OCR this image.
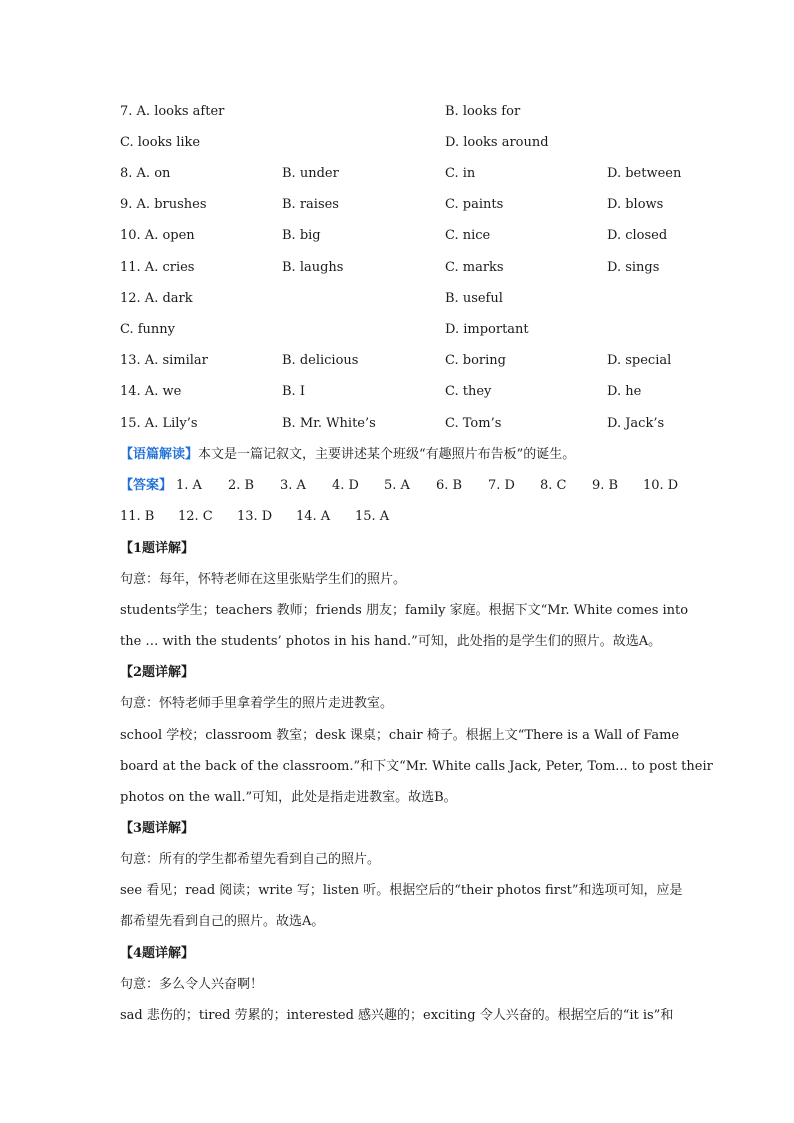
7. A. looks after	B. looks for
C. looks like	D. looks around
8. A. on	B. under	C. in	D. between
9. A. brushes	B. raises	C. paints	D. blows
10. A. open	B. big	C. nice	D. closed
11. A. cries	B. laughs	C. marks	D. sings
12. A. dark	B. useful
C. funny	D. important
13. A. similar	B. delicious	C. boring	D. special
14. A. we	B. I	C. they	D. he
15. A. Lily’s	B. Mr. White’s	C. Tom’s	D. Jack’s
【语篇解读】本文是一篇记叙文，主要讲述某个班级“有趣照片布告板”的诞生。
【答案】 1. A 2. B 3. A 4. D 5. A 6. B 7. D 8. C 9. B 10. D
11. B 12. C 13. D 14. A 15. A
【1题详解】
句意：每年，怀特老师在这里张贴学生们的照片。
students学生；teachers 教师；friends 朋友；family 家庭。根据下文“Mr. White comes into
the … with the students’ photos in his hand.”可知，此处指的是学生们的照片。故选A。
【2题详解】
句意：怀特老师手里拿着学生的照片走进教室。
school 学校；classroom 教室；desk 课桌；chair 椅子。根据上文“There is a Wall of Fame
board at the back of the classroom.”和下文“Mr. White calls Jack, Peter, Tom... to post their
photos on the wall.”可知，此处是指走进教室。故选B。
【3题详解】
句意：所有的学生都希望先看到自己的照片。
see 看见；read 阅读；write 写；listen 听。根据空后的“their photos first”和选项可知，应是
都希望先看到自己的照片。故选A。
【4题详解】
句意：多么令人兴奋啊！
sad 悲伤的；tired 劳累的；interested 感兴趣的；exciting 令人兴奋的。根据空后的“it is”和
